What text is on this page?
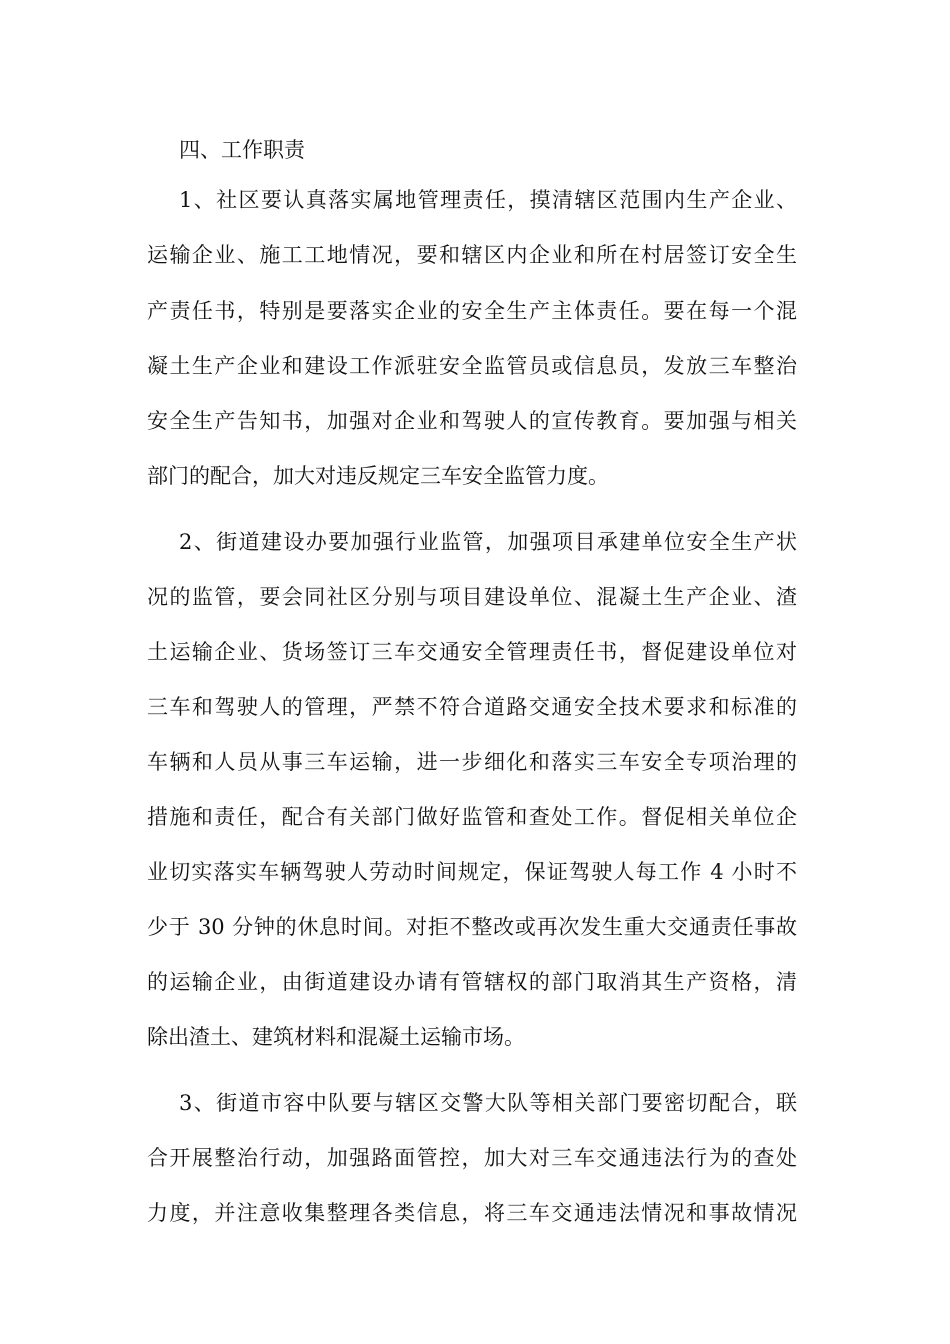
四、工作职责
1、社区要认真落实属地管理责任，摸清辖区范围内生产企业、
运输企业、施工工地情况，要和辖区内企业和所在村居签订安全生
产责任书，特别是要落实企业的安全生产主体责任。要在每一个混
凝土生产企业和建设工作派驻安全监管员或信息员，发放三车整治
安全生产告知书，加强对企业和驾驶人的宣传教育。要加强与相关
部门的配合，加大对违反规定三车安全监管力度。
2、街道建设办要加强行业监管，加强项目承建单位安全生产状
况的监管，要会同社区分别与项目建设单位、混凝土生产企业、渣
土运输企业、货场签订三车交通安全管理责任书，督促建设单位对
三车和驾驶人的管理，严禁不符合道路交通安全技术要求和标准的
车辆和人员从事三车运输，进一步细化和落实三车安全专项治理的
措施和责任，配合有关部门做好监管和查处工作。督促相关单位企
业切实落实车辆驾驶人劳动时间规定，保证驾驶人每工作 4 小时不
少于 30 分钟的休息时间。对拒不整改或再次发生重大交通责任事故
的运输企业，由街道建设办请有管辖权的部门取消其生产资格，清
除出渣土、建筑材料和混凝土运输市场。
3、街道市容中队要与辖区交警大队等相关部门要密切配合，联
合开展整治行动，加强路面管控，加大对三车交通违法行为的查处
力度，并注意收集整理各类信息，将三车交通违法情况和事故情况
